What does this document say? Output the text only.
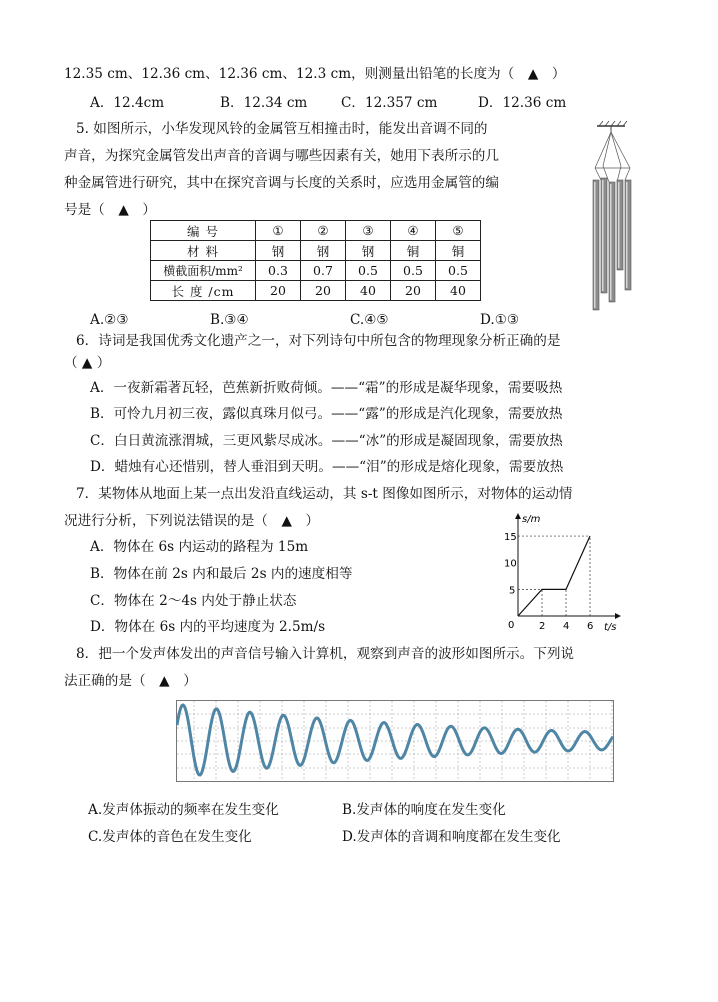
12.35 cm、12.36 cm、12.36 cm、12.3 cm，则测量出铅笔的长度为（　▲　）
A．12.4cm	B．12.34 cm C．12.357 cm	D．12.36 cm
5. 如图所示，小华发现风铃的金属管互相撞击时，能发出音调不同的
声音，为探究金属管发出声音的音调与哪些因素有关，她用下表所示的几
种金属管进行研究，其中在探究音调与长度的关系时，应选用金属管的编
号是（　▲　）
编 号	①	②	③	④	⑤
材 料	钢	钢	钢	铜	铜
横截面积/mm²	0.3	0.7	0.5	0.5	0.5
长 度 /cm	20	20	40	20	40
A.②③	B.③④	C.④⑤	D.①③
6．诗词是我国优秀文化遗产之一，对下列诗句中所包含的物理现象分析正确的是
（ ▲ ）
A．一夜新霜著瓦轻，芭蕉新折败荷倾。——“霜”的形成是凝华现象，需要吸热
B．可怜九月初三夜，露似真珠月似弓。——“露”的形成是汽化现象，需要放热
C．白日黄流涨渭城，三更风紫尽成冰。——“冰”的形成是凝固现象，需要放热
D．蜡烛有心还惜别，替人垂泪到天明。——“泪”的形成是熔化现象，需要放热
7．某物体从地面上某一点出发沿直线运动，其 s-t 图像如图所示，对物体的运动情
况进行分析，下列说法错误的是（　▲　）
A．物体在 6s 内运动的路程为 15m
B．物体在前 2s 内和最后 2s 内的速度相等
C．物体在 2～4s 内处于静止状态
D．物体在 6s 内的平均速度为 2.5m/s
s/m
t/s
0 2 4 6
5
10
15
8．把一个发声体发出的声音信号输入计算机，观察到声音的波形如图所示。下列说
法正确的是（　▲　）
A.发声体振动的频率在发生变化	B.发声体的响度在发生变化
C.发声体的音色在发生变化	D.发声体的音调和响度都在发生变化
